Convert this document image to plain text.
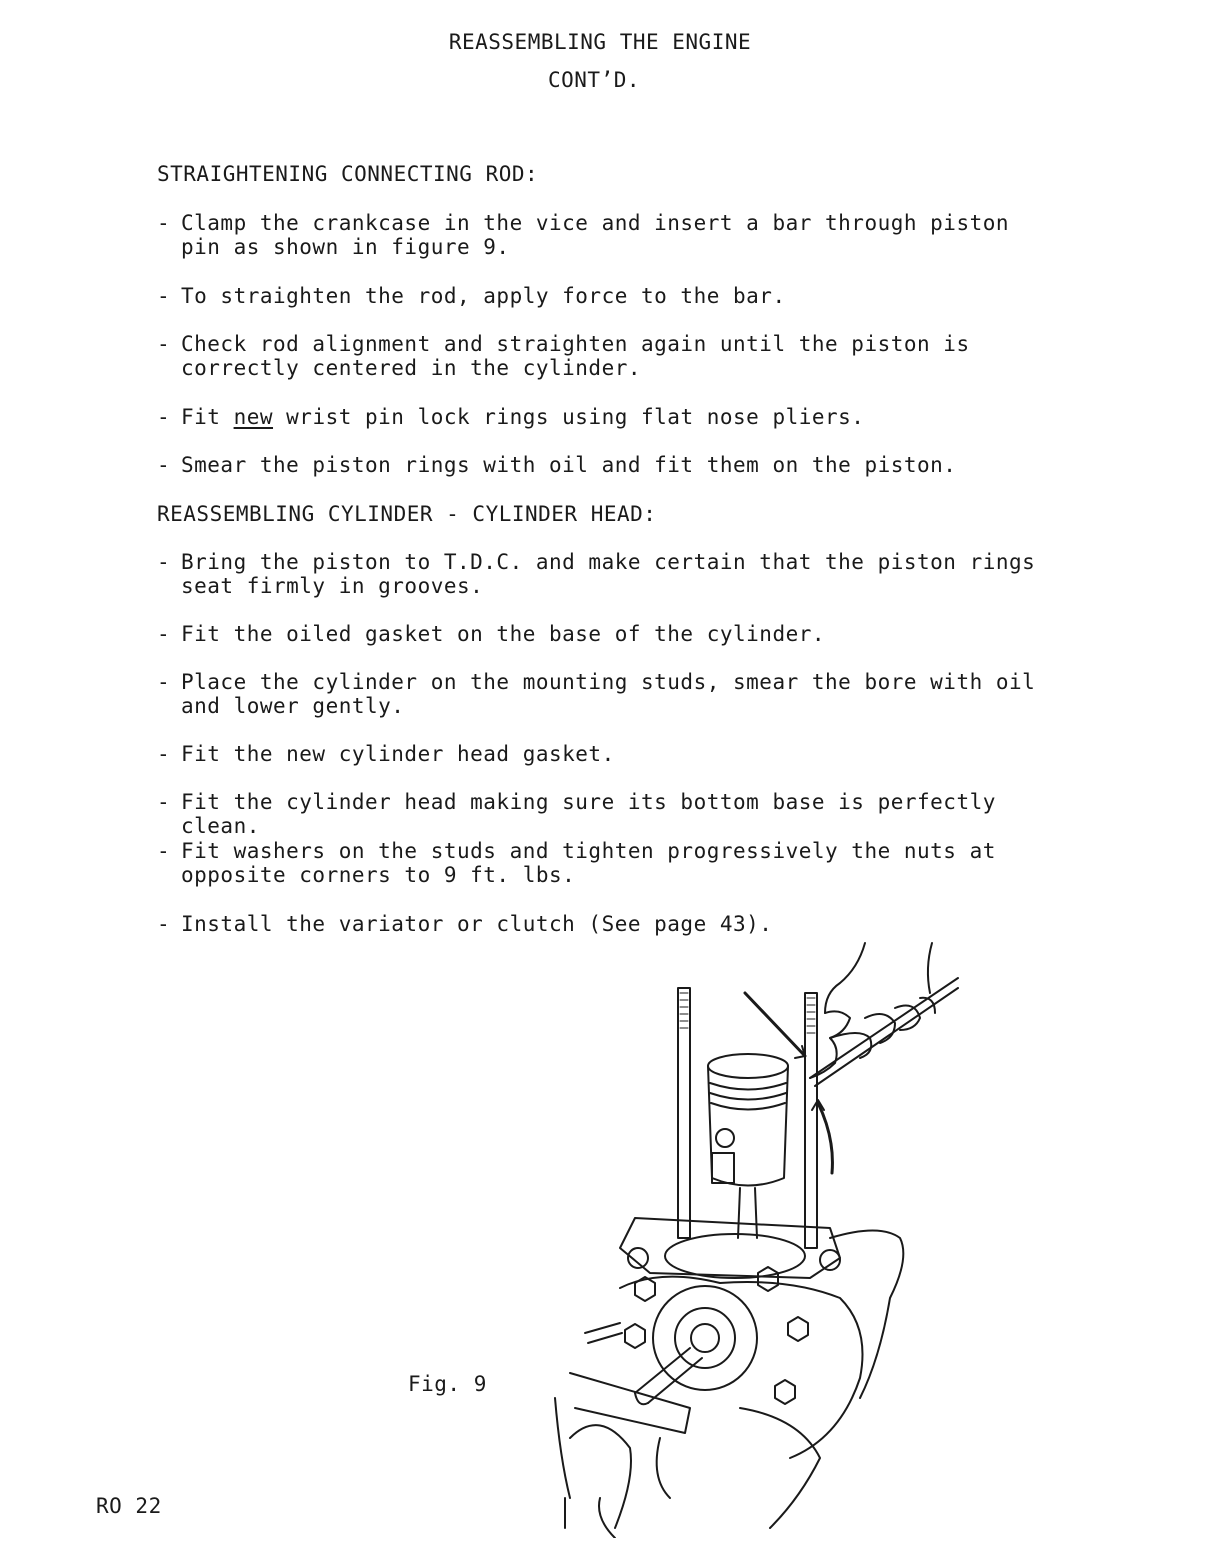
REASSEMBLING THE ENGINE
CONT’D.
STRAIGHTENING CONNECTING ROD:
- Clamp the crankcase in the vice and insert a bar through piston pin as shown in figure 9.
- To straighten the rod, apply force to the bar.
- Check rod alignment and straighten again until the piston is correctly centered in the cylinder.
- Fit new wrist pin lock rings using flat nose pliers.
- Smear the piston rings with oil and fit them on the piston.
REASSEMBLING CYLINDER - CYLINDER HEAD:
- Bring the piston to T.D.C. and make certain that the piston rings seat firmly in grooves.
- Fit the oiled gasket on the base of the cylinder.
- Place the cylinder on the mounting studs, smear the bore with oil and lower gently.
- Fit the new cylinder head gasket.
- Fit the cylinder head making sure its bottom base is perfectly clean.
- Fit washers on the studs and tighten progressively the nuts at opposite corners to 9 ft. lbs.
- Install the variator or clutch (See page 43).
Fig. 9
RO 22
